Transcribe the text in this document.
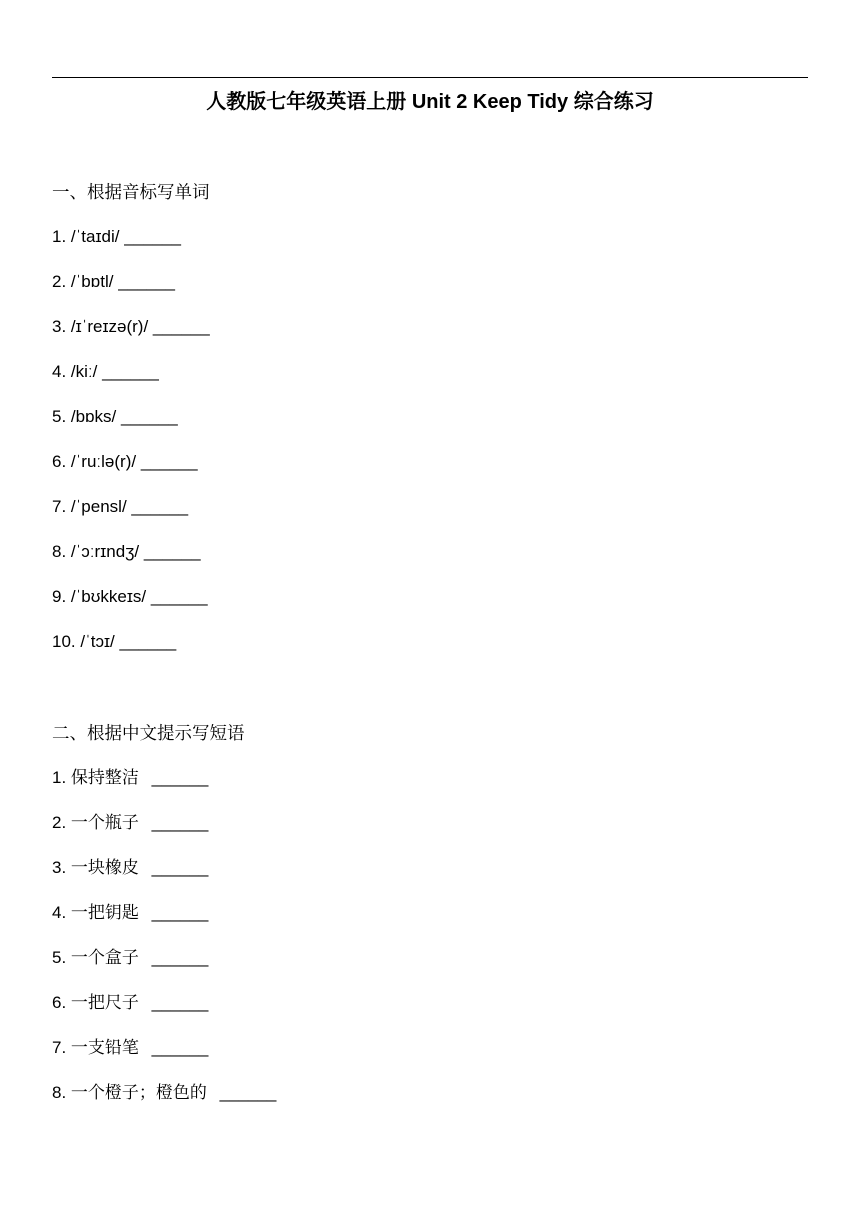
人教版七年级英语上册 Unit 2 Keep Tidy 综合练习
一、根据音标写单词
1. /ˈtaɪdi/ ______
2. /ˈbɒtl/ ______
3. /ɪˈreɪzə(r)/ ______
4. /kiː/ ______
5. /bɒks/ ______
6. /ˈruːlə(r)/ ______
7. /ˈpensl/ ______
8. /ˈɔːrɪndʒ/ ______
9. /ˈbʊkkeɪs/ ______
10. /ˈtɔɪ/ ______
二、根据中文提示写短语
1. 保持整洁 ______
2. 一个瓶子 ______
3. 一块橡皮 ______
4. 一把钥匙 ______
5. 一个盒子 ______
6. 一把尺子 ______
7. 一支铅笔 ______
8. 一个橙子；橙色的 ______
